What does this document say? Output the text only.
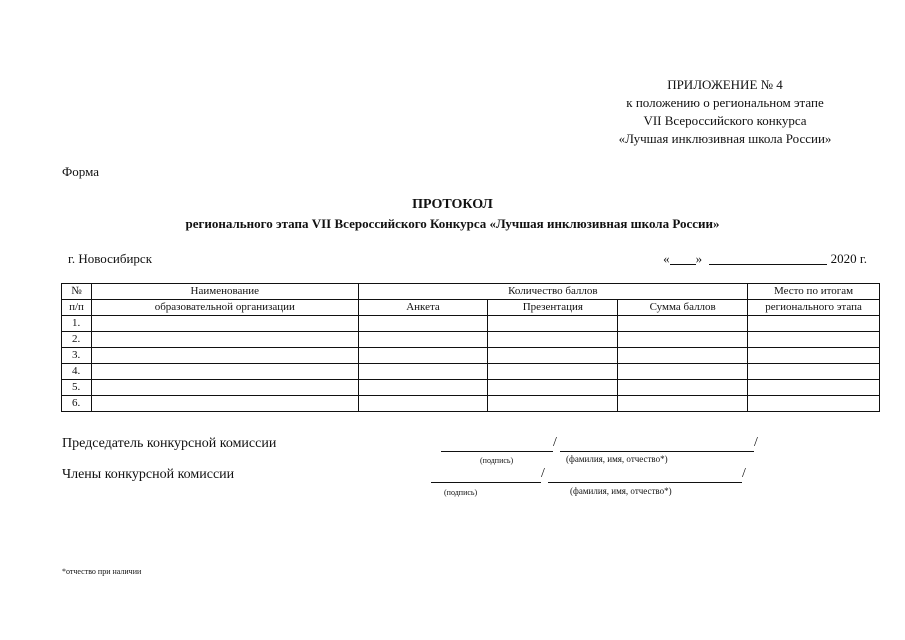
ПРИЛОЖЕНИЕ № 4
к положению о региональном этапе
VII Всероссийского конкурса
«Лучшая инклюзивная школа России»
Форма
ПРОТОКОЛ
регионального этапа VII Всероссийского Конкурса «Лучшая инклюзивная школа России»
г. Новосибирск	« »	2020 г.
№	Наименование	Количество баллов			Место по итогам
п/п	образовательной организации	Анкета	Презентация	Сумма баллов	регионального этапа
1.					
2.					
3.					
4.					
5.					
6.					
Председатель конкурсной комиссии	/	/
(подпись)	(фамилия, имя, отчество*)
Члены конкурсной комиссии	/	/
(подпись)	(фамилия, имя, отчество*)
*отчество при наличии
